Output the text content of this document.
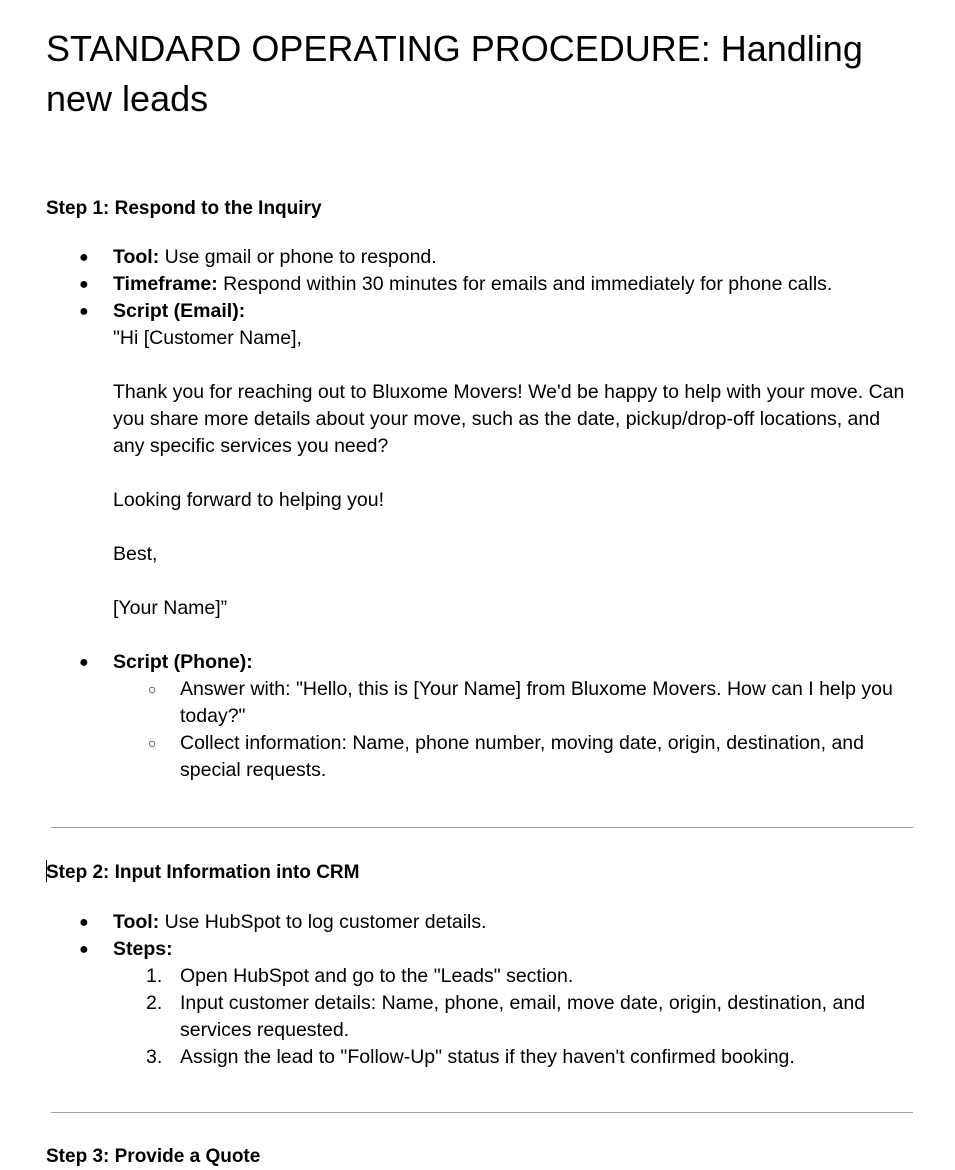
STANDARD OPERATING PROCEDURE: Handling new leads
Step 1: Respond to the Inquiry
● Tool: Use gmail or phone to respond.
● Timeframe: Respond within 30 minutes for emails and immediately for phone calls.
● Script (Email):
"Hi [Customer Name],
Thank you for reaching out to Bluxome Movers! We'd be happy to help with your move. Can you share more details about your move, such as the date, pickup/drop-off locations, and any specific services you need?
Looking forward to helping you!
Best,
[Your Name]”
● Script (Phone):
○ Answer with: "Hello, this is [Your Name] from Bluxome Movers. How can I help you today?"
○ Collect information: Name, phone number, moving date, origin, destination, and special requests.
Step 2: Input Information into CRM
● Tool: Use HubSpot to log customer details.
● Steps:
1. Open HubSpot and go to the "Leads" section.
2. Input customer details: Name, phone, email, move date, origin, destination, and services requested.
3. Assign the lead to "Follow-Up" status if they haven't confirmed booking.
Step 3: Provide a Quote
